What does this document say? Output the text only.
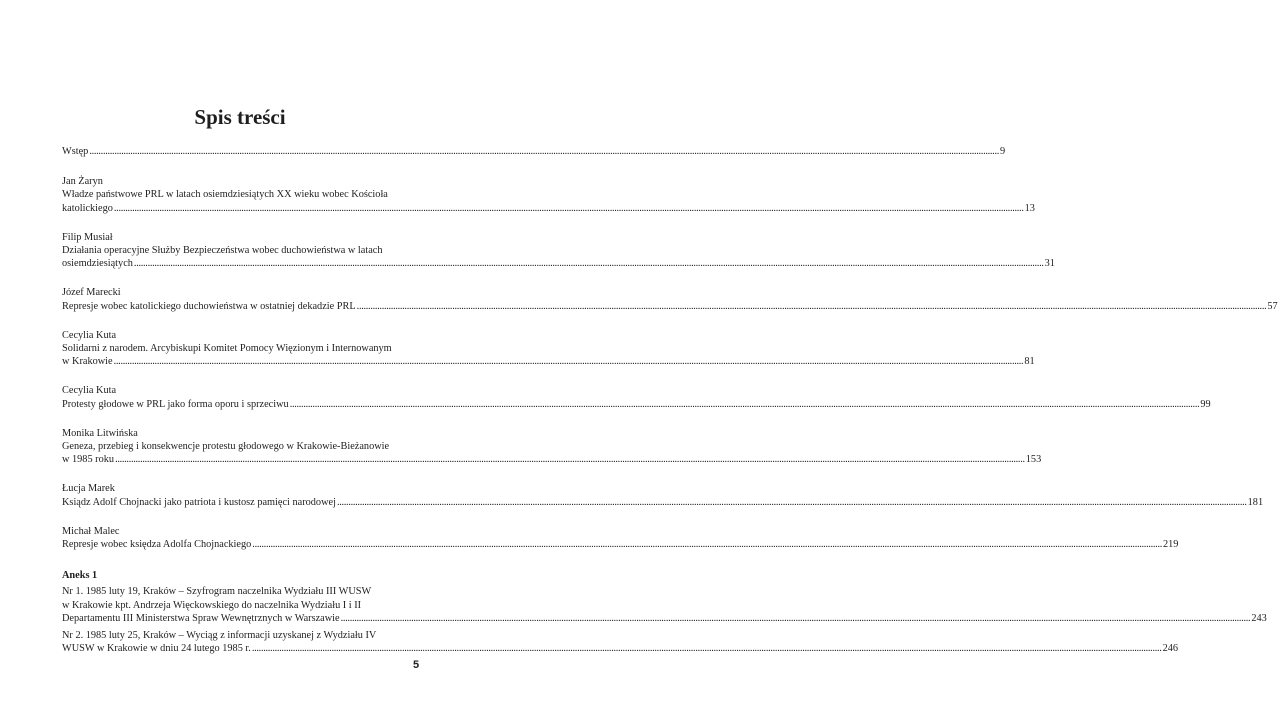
Spis treści
Wstęp ................................................................................................................................................................................................................................................................................................................................................................................................................ 9
Jan Żaryn
Władze państwowe PRL w latach osiemdziesiątych XX wieku wobec Kościoła
katolickiego ................................................................................................................................................................................................................................................................................................................................................................................................................ 13
Filip Musiał
Działania operacyjne Służby Bezpieczeństwa wobec duchowieństwa w latach
osiemdziesiątych ................................................................................................................................................................................................................................................................................................................................................................................................................ 31
Józef Marecki
Represje wobec katolickiego duchowieństwa w ostatniej dekadzie PRL ................................................................................................................................................................................................................................................................................................................................................................................................................ 57
Cecylia Kuta
Solidarni z narodem. Arcybiskupi Komitet Pomocy Więzionym i Internowanym
w Krakowie ................................................................................................................................................................................................................................................................................................................................................................................................................ 81
Cecylia Kuta
Protesty głodowe w PRL jako forma oporu i sprzeciwu ................................................................................................................................................................................................................................................................................................................................................................................................................ 99
Monika Litwińska
Geneza, przebieg i konsekwencje protestu głodowego w Krakowie-Bieżanowie
w 1985 roku ................................................................................................................................................................................................................................................................................................................................................................................................................ 153
Łucja Marek
Ksiądz Adolf Chojnacki jako patriota i kustosz pamięci narodowej ................................................................................................................................................................................................................................................................................................................................................................................................................ 181
Michał Malec
Represje wobec księdza Adolfa Chojnackiego ................................................................................................................................................................................................................................................................................................................................................................................................................ 219
Aneks 1
Nr 1. 1985 luty 19, Kraków – Szyfrogram naczelnika Wydziału III WUSW
w Krakowie kpt. Andrzeja Więckowskiego do naczelnika Wydziału I i II
Departamentu III Ministerstwa Spraw Wewnętrznych w Warszawie ................................................................................................................................................................................................................................................................................................................................................................................................................ 243
Nr 2. 1985 luty 25, Kraków – Wyciąg z informacji uzyskanej z Wydziału IV
WUSW w Krakowie w dniu 24 lutego 1985 r. ................................................................................................................................................................................................................................................................................................................................................................................................................ 246
5
